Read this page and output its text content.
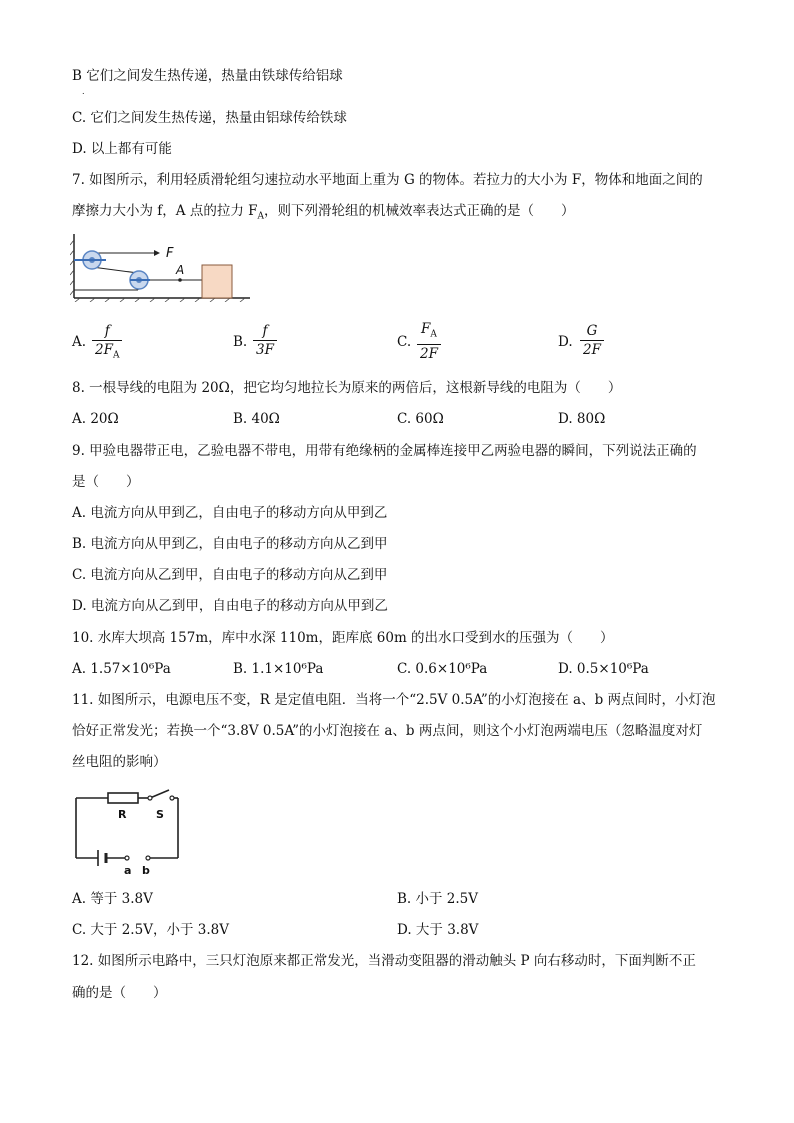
B 它们之间发生热传递，热量由铁球传给铝球
.
C. 它们之间发生热传递，热量由铝球传给铁球
D. 以上都有可能
7. 如图所示，利用轻质滑轮组匀速拉动水平地面上重为 G 的物体。若拉力的大小为 F，物体和地面之间的
摩擦力大小为 f，A 点的拉力 $F_A$，则下列滑轮组的机械效率表达式正确的是（　　）
F
A
A. $\frac{f}{2F_A}$	B. $\frac{f}{3F}$	C. $\frac{F_A}{2F}$	D. $\frac{G}{2F}$
8. 一根导线的电阻为 20Ω，把它均匀地拉长为原来的两倍后，这根新导线的电阻为（　　）
A. 20Ω	B. 40Ω	C. 60Ω	D. 80Ω
9. 甲验电器带正电，乙验电器不带电，用带有绝缘柄的金属棒连接甲乙两验电器的瞬间，下列说法正确的
是（　　）
A. 电流方向从甲到乙，自由电子的移动方向从甲到乙
B. 电流方向从甲到乙，自由电子的移动方向从乙到甲
C. 电流方向从乙到甲，自由电子的移动方向从乙到甲
D. 电流方向从乙到甲，自由电子的移动方向从甲到乙
10. 水库大坝高 157m，库中水深 110m，距库底 60m 的出水口受到水的压强为（　　）
A. 1.57×10⁶Pa	B. 1.1×10⁶Pa	C. 0.6×10⁶Pa	D. 0.5×10⁶Pa
11. 如图所示，电源电压不变，R 是定值电阻．当将一个“2.5V 0.5A”的小灯泡接在 a、b 两点间时，小灯泡
恰好正常发光；若换一个“3.8V 0.5A”的小灯泡接在 a、b 两点间，则这个小灯泡两端电压（忽略温度对灯
丝电阻的影响）
R	S
a b
A. 等于 3.8V	B. 小于 2.5V
C. 大于 2.5V，小于 3.8V	D. 大于 3.8V
12. 如图所示电路中，三只灯泡原来都正常发光，当滑动变阻器的滑动触头 P 向右移动时，下面判断不正
确的是（　　）
